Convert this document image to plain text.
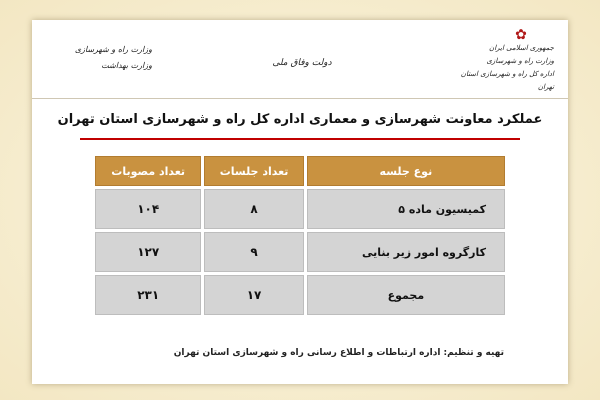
وزارت راه و شهرسازی
وزارت بهداشت	دولت وفاق ملی
✿
جمهوری اسلامی ایران
وزارت راه و شهرسازی
اداره کل راه و شهرسازی استان تهران
عملکرد معاونت شهرسازی و معماری اداره کل راه و شهرسازی استان تهران
نوع جلسه	تعداد جلسات	تعداد مصوبات
کمیسیون ماده ۵	۸	۱۰۴
کارگروه امور زیر بنایی	۹	۱۲۷
مجموع	۱۷	۲۳۱
تهیه و تنظیم: اداره ارتباطات و اطلاع رسانی راه و شهرسازی استان تهران
